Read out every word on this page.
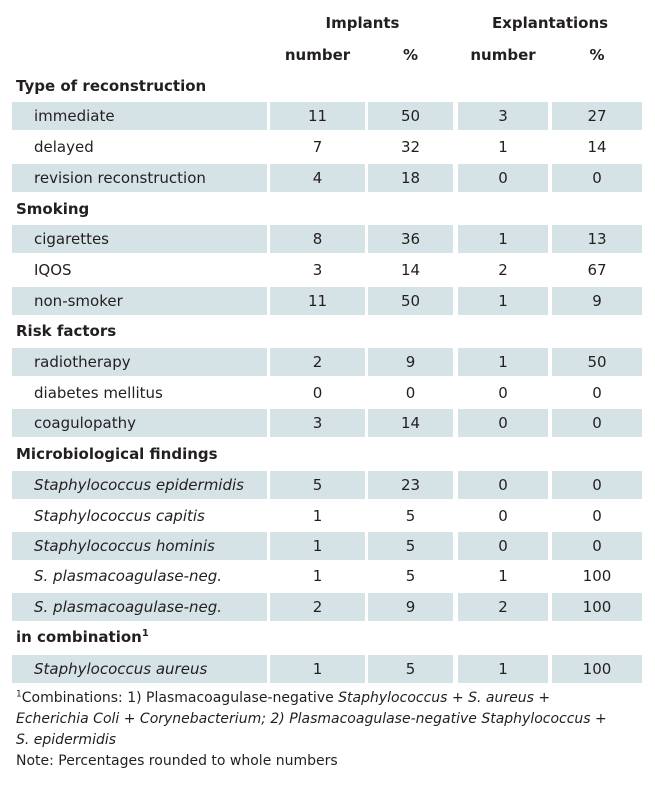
Implants	Explantations
number	%	number	%
Type of reconstruction
immediate	11	50	3	27
delayed	7	32	1	14
revision reconstruction	4	18	0	0
Smoking
cigarettes	8	36	1	13
IQOS	3	14	2	67
non-smoker	11	50	1	9
Risk factors
radiotherapy	2	9	1	50
diabetes mellitus	0	0	0	0
coagulopathy	3	14	0	0
Microbiological findings
Staphylococcus epidermidis	5	23	0	0
Staphylococcus capitis	1	5	0	0
Staphylococcus hominis	1	5	0	0
S. plasmacoagulase-neg.	1	5	1	100
S. plasmacoagulase-neg.	2	9	2	100
in combination$^1$
Staphylococcus aureus	1	5	1	100
$^1$Combinations: 1) Plasmacoagulase-negative Staphylococcus + S. aureus +
Echerichia Coli + Corynebacterium; 2) Plasmacoagulase-negative Staphylococcus +
S. epidermidis
Note: Percentages rounded to whole numbers
